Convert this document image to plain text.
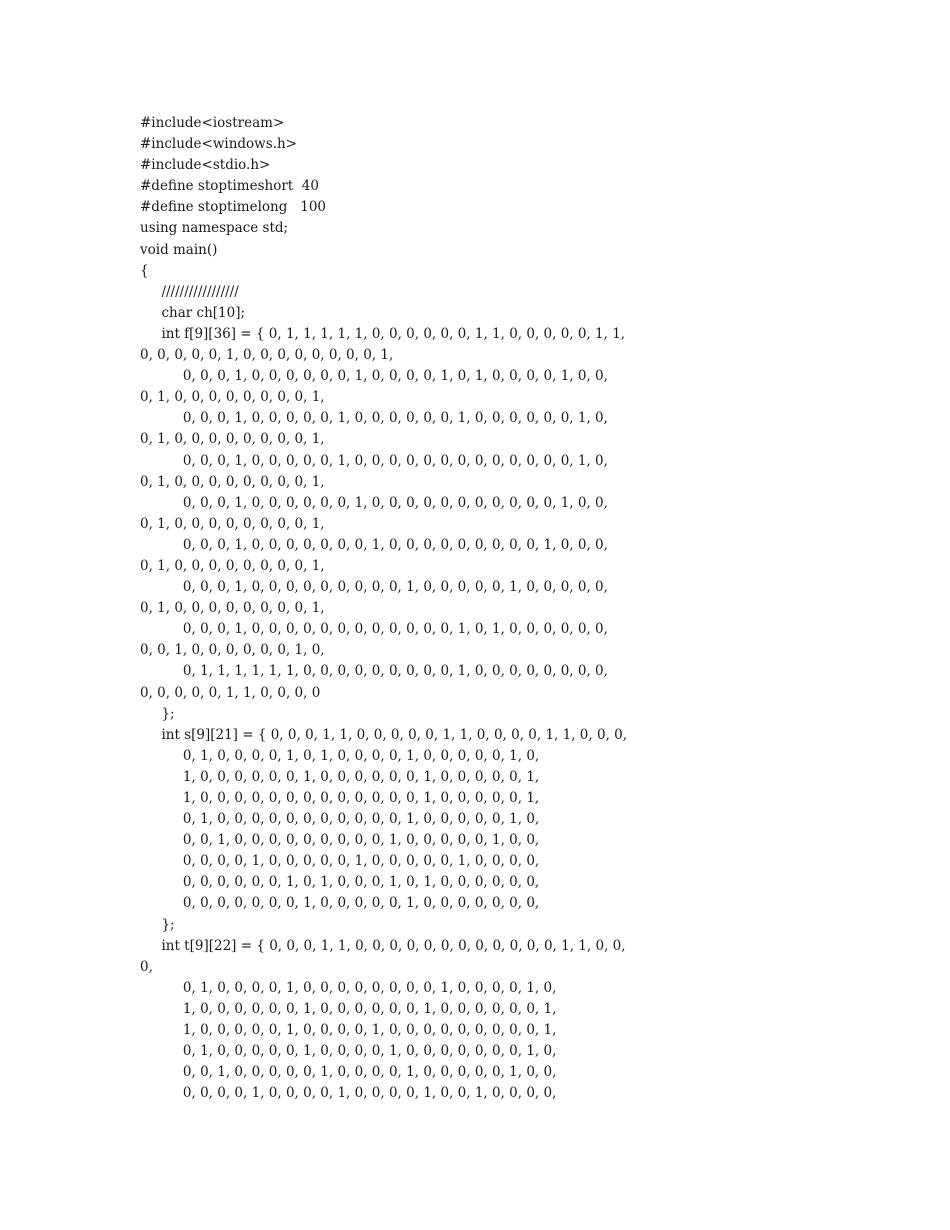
#include<iostream>
#include<windows.h>
#include<stdio.h>
#define stoptimeshort  40
#define stoptimelong   100
using namespace std;
void main()
{
/////////////////
char ch[10];
int f[9][36] = { 0, 1, 1, 1, 1, 1, 0, 0, 0, 0, 0, 0, 1, 1, 0, 0, 0, 0, 0, 1, 1,
0, 0, 0, 0, 0, 1, 0, 0, 0, 0, 0, 0, 0, 0, 1,
0, 0, 0, 1, 0, 0, 0, 0, 0, 0, 1, 0, 0, 0, 0, 1, 0, 1, 0, 0, 0, 0, 1, 0, 0,
0, 1, 0, 0, 0, 0, 0, 0, 0, 0, 1,
0, 0, 0, 1, 0, 0, 0, 0, 0, 1, 0, 0, 0, 0, 0, 0, 1, 0, 0, 0, 0, 0, 0, 1, 0,
0, 1, 0, 0, 0, 0, 0, 0, 0, 0, 1,
0, 0, 0, 1, 0, 0, 0, 0, 0, 1, 0, 0, 0, 0, 0, 0, 0, 0, 0, 0, 0, 0, 0, 1, 0,
0, 1, 0, 0, 0, 0, 0, 0, 0, 0, 1,
0, 0, 0, 1, 0, 0, 0, 0, 0, 0, 1, 0, 0, 0, 0, 0, 0, 0, 0, 0, 0, 0, 1, 0, 0,
0, 1, 0, 0, 0, 0, 0, 0, 0, 0, 1,
0, 0, 0, 1, 0, 0, 0, 0, 0, 0, 0, 1, 0, 0, 0, 0, 0, 0, 0, 0, 0, 1, 0, 0, 0,
0, 1, 0, 0, 0, 0, 0, 0, 0, 0, 1,
0, 0, 0, 1, 0, 0, 0, 0, 0, 0, 0, 0, 0, 1, 0, 0, 0, 0, 0, 1, 0, 0, 0, 0, 0,
0, 1, 0, 0, 0, 0, 0, 0, 0, 0, 1,
0, 0, 0, 1, 0, 0, 0, 0, 0, 0, 0, 0, 0, 0, 0, 0, 1, 0, 1, 0, 0, 0, 0, 0, 0,
0, 0, 1, 0, 0, 0, 0, 0, 0, 1, 0,
0, 1, 1, 1, 1, 1, 1, 0, 0, 0, 0, 0, 0, 0, 0, 0, 1, 0, 0, 0, 0, 0, 0, 0, 0,
0, 0, 0, 0, 0, 1, 1, 0, 0, 0, 0
};
int s[9][21] = { 0, 0, 0, 1, 1, 0, 0, 0, 0, 0, 1, 1, 0, 0, 0, 0, 1, 1, 0, 0, 0,
0, 1, 0, 0, 0, 0, 1, 0, 1, 0, 0, 0, 0, 1, 0, 0, 0, 0, 0, 1, 0,
1, 0, 0, 0, 0, 0, 0, 1, 0, 0, 0, 0, 0, 0, 1, 0, 0, 0, 0, 0, 1,
1, 0, 0, 0, 0, 0, 0, 0, 0, 0, 0, 0, 0, 0, 1, 0, 0, 0, 0, 0, 1,
0, 1, 0, 0, 0, 0, 0, 0, 0, 0, 0, 0, 0, 1, 0, 0, 0, 0, 0, 1, 0,
0, 0, 1, 0, 0, 0, 0, 0, 0, 0, 0, 0, 1, 0, 0, 0, 0, 0, 1, 0, 0,
0, 0, 0, 0, 1, 0, 0, 0, 0, 0, 1, 0, 0, 0, 0, 0, 1, 0, 0, 0, 0,
0, 0, 0, 0, 0, 0, 1, 0, 1, 0, 0, 0, 1, 0, 1, 0, 0, 0, 0, 0, 0,
0, 0, 0, 0, 0, 0, 0, 1, 0, 0, 0, 0, 0, 1, 0, 0, 0, 0, 0, 0, 0,
};
int t[9][22] = { 0, 0, 0, 1, 1, 0, 0, 0, 0, 0, 0, 0, 0, 0, 0, 0, 0, 1, 1, 0, 0,
0,
0, 1, 0, 0, 0, 0, 1, 0, 0, 0, 0, 0, 0, 0, 0, 1, 0, 0, 0, 0, 1, 0,
1, 0, 0, 0, 0, 0, 0, 1, 0, 0, 0, 0, 0, 0, 1, 0, 0, 0, 0, 0, 0, 1,
1, 0, 0, 0, 0, 0, 1, 0, 0, 0, 0, 1, 0, 0, 0, 0, 0, 0, 0, 0, 0, 1,
0, 1, 0, 0, 0, 0, 0, 1, 0, 0, 0, 0, 1, 0, 0, 0, 0, 0, 0, 0, 1, 0,
0, 0, 1, 0, 0, 0, 0, 0, 1, 0, 0, 0, 0, 1, 0, 0, 0, 0, 0, 1, 0, 0,
0, 0, 0, 0, 1, 0, 0, 0, 0, 1, 0, 0, 0, 0, 1, 0, 0, 1, 0, 0, 0, 0,
